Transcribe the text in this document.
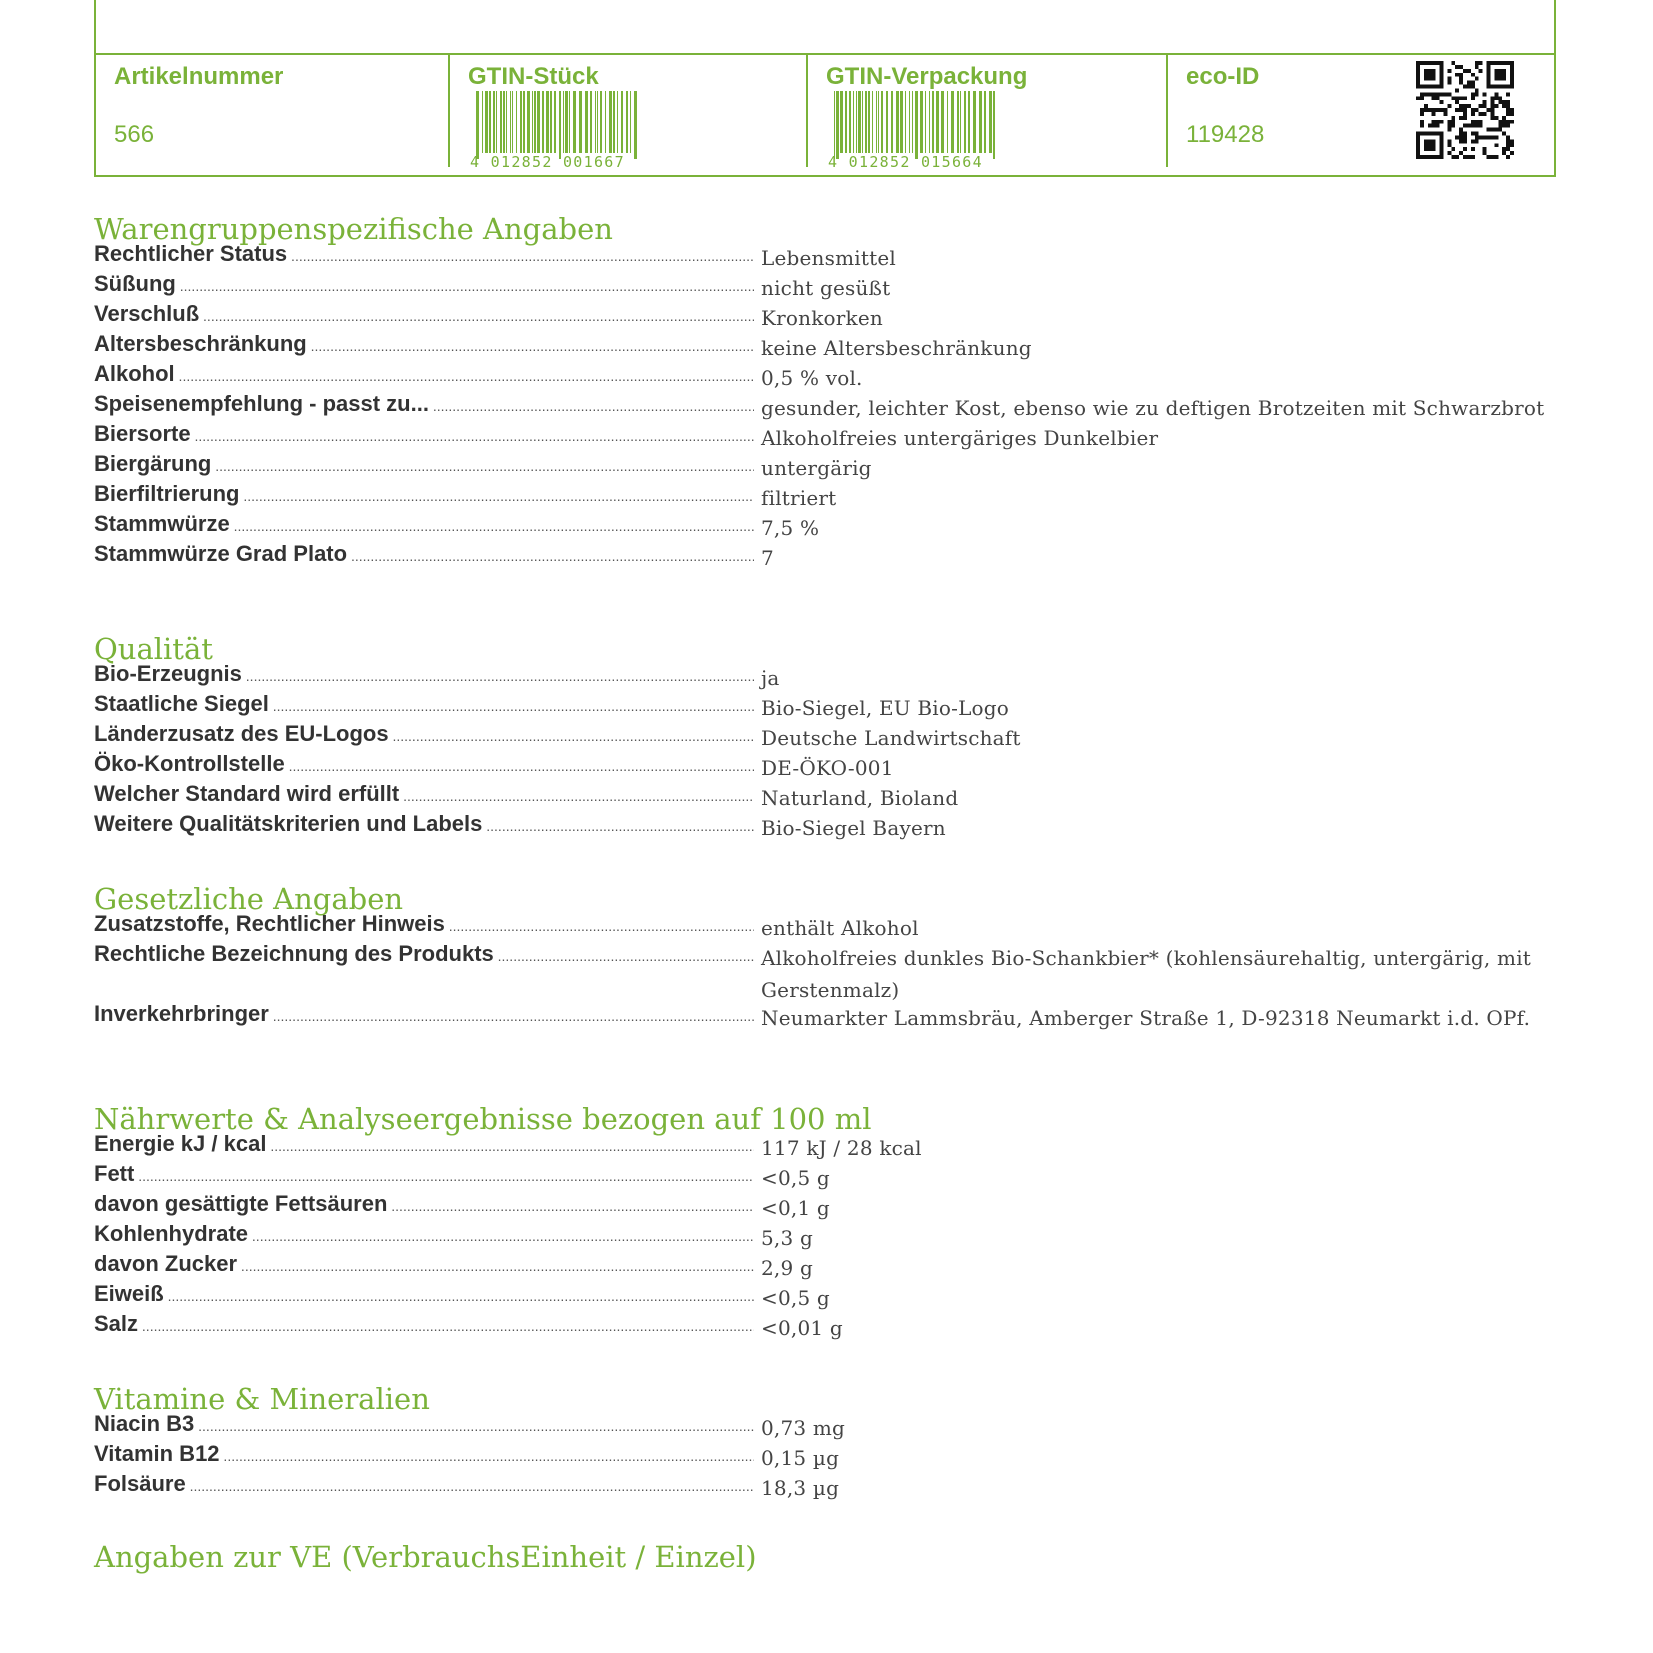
Artikelnummer
566
GTIN-Stück
4 012852 001667
GTIN-Verpackung
4 012852 015664
eco-ID
119428
Warengruppenspezifische Angaben
Rechtlicher Status .....	Lebensmittel
Süßung .....	nicht gesüßt
Verschluß .....	Kronkorken
Altersbeschränkung .....	keine Altersbeschränkung
Alkohol .....	0,5 % vol.
Speisenempfehlung - passt zu... .....	gesunder, leichter Kost, ebenso wie zu deftigen Brotzeiten mit Schwarzbrot
Biersorte .....	Alkoholfreies untergäriges Dunkelbier
Biergärung .....	untergärig
Bierfiltrierung .....	filtriert
Stammwürze .....	7,5 %
Stammwürze Grad Plato .....	7
Qualität
Bio-Erzeugnis .....	ja
Staatliche Siegel .....	Bio-Siegel, EU Bio-Logo
Länderzusatz des EU-Logos .....	Deutsche Landwirtschaft
Öko-Kontrollstelle .....	DE-ÖKO-001
Welcher Standard wird erfüllt .....	Naturland, Bioland
Weitere Qualitätskriterien und Labels .....	Bio-Siegel Bayern
Gesetzliche Angaben
Zusatzstoffe, Rechtlicher Hinweis .....	enthält Alkohol
Rechtliche Bezeichnung des Produkts .....	Alkoholfreies dunkles Bio-Schankbier* (kohlensäurehaltig, untergärig, mit Gerstenmalz)
Inverkehrbringer .....	Neumarkter Lammsbräu, Amberger Straße 1, D-92318 Neumarkt i.d. OPf.
Nährwerte & Analyseergebnisse bezogen auf 100 ml
Energie kJ / kcal .....	117 kJ / 28 kcal
Fett .....	<0,5 g
davon gesättigte Fettsäuren .....	<0,1 g
Kohlenhydrate .....	5,3 g
davon Zucker .....	2,9 g
Eiweiß .....	<0,5 g
Salz .....	<0,01 g
Vitamine & Mineralien
Niacin B3 .....	0,73 mg
Vitamin B12 .....	0,15 µg
Folsäure .....	18,3 µg
Angaben zur VE (VerbrauchsEinheit / Einzel)
